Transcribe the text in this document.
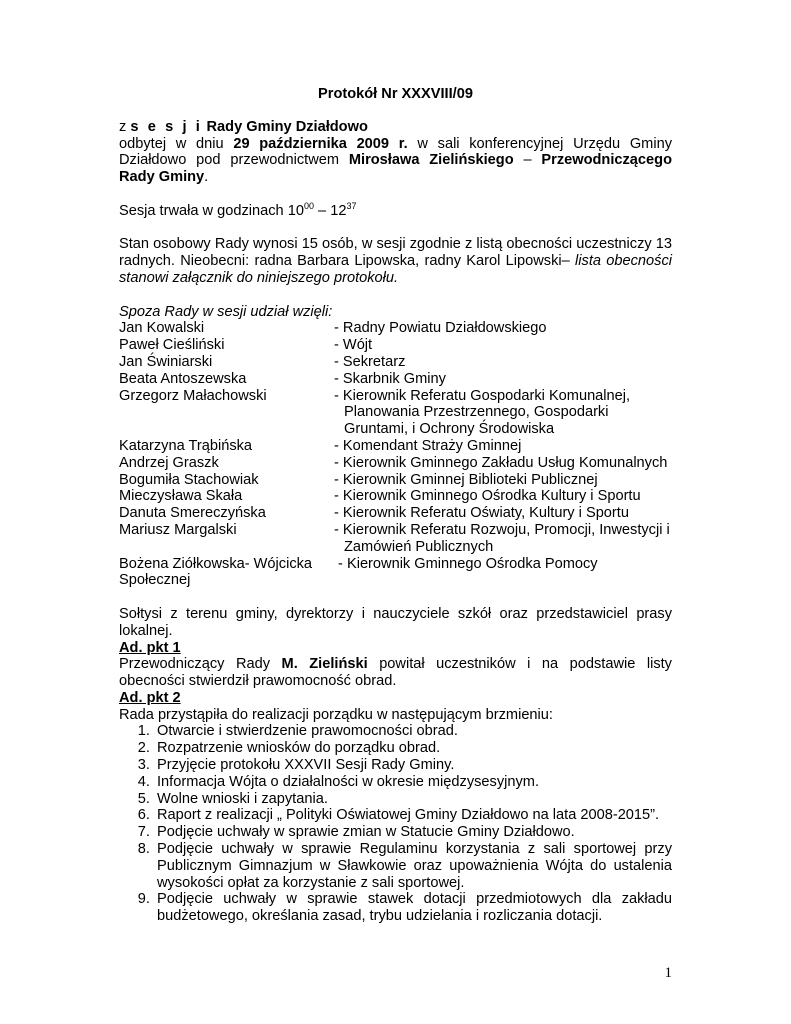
Protokół Nr XXXVIII/09

z s e s j i Rady Gminy Działdowo
odbytej w dniu 29 października 2009 r. w sali konferencyjnej Urzędu Gminy Działdowo pod przewodnictwem Mirosława Zielińskiego – Przewodniczącego Rady Gminy.

Sesja trwała w godzinach $10^{00} - 12^{37}$

Stan osobowy Rady wynosi 15 osób, w sesji zgodnie z listą obecności uczestniczy 13 radnych. Nieobecni: radna Barbara Lipowska, radny Karol Lipowski– lista obecności stanowi załącznik do niniejszego protokołu.

Spoza Rady w sesji udział wzięli:

Jan Kowalski	- Radny Powiatu Działdowskiego
Paweł Cieśliński	- Wójt
Jan Świniarski	- Sekretarz
Beata Antoszewska	- Skarbnik Gminy
Grzegorz Małachowski	- Kierownik Referatu Gospodarki Komunalnej, Planowania Przestrzennego, Gospodarki Gruntami, i Ochrony Środowiska
Katarzyna Trąbińska	- Komendant Straży Gminnej
Andrzej Graszk	- Kierownik Gminnego Zakładu Usług Komunalnych
Bogumiła Stachowiak	- Kierownik Gminnej Biblioteki Publicznej
Mieczysława Skała	- Kierownik Gminnego Ośrodka Kultury i Sportu
Danuta Smereczyńska	- Kierownik Referatu Oświaty, Kultury i Sportu
Mariusz Margalski	- Kierownik Referatu Rozwoju, Promocji, Inwestycji i Zamówień Publicznych
Bożena Ziółkowska- Wójcicka	- Kierownik Gminnego Ośrodka Pomocy
Społecznej

Sołtysi z terenu gminy, dyrektorzy i nauczyciele szkół oraz przedstawiciel prasy lokalnej.

Ad. pkt 1

Przewodniczący Rady M. Zieliński powitał uczestników i na podstawie listy obecności stwierdził prawomocność obrad.

Ad. pkt 2

Rada przystąpiła do realizacji porządku w następującym brzmieniu:

1. Otwarcie i stwierdzenie prawomocności obrad.
2. Rozpatrzenie wniosków do porządku obrad.
3. Przyjęcie protokołu XXXVII Sesji Rady Gminy.
4. Informacja Wójta o działalności w okresie międzysesyjnym.
5. Wolne wnioski i zapytania.
6. Raport z realizacji „ Polityki Oświatowej Gminy Działdowo na lata 2008-2015”.
7. Podjęcie uchwały w sprawie zmian w Statucie Gminy Działdowo.
8. Podjęcie uchwały w sprawie Regulaminu korzystania z sali sportowej przy Publicznym Gimnazjum w Sławkowie oraz upoważnienia Wójta do ustalenia wysokości opłat za korzystanie z sali sportowej.
9. Podjęcie uchwały w sprawie stawek dotacji przedmiotowych dla zakładu budżetowego, określania zasad, trybu udzielania i rozliczania dotacji.
1
